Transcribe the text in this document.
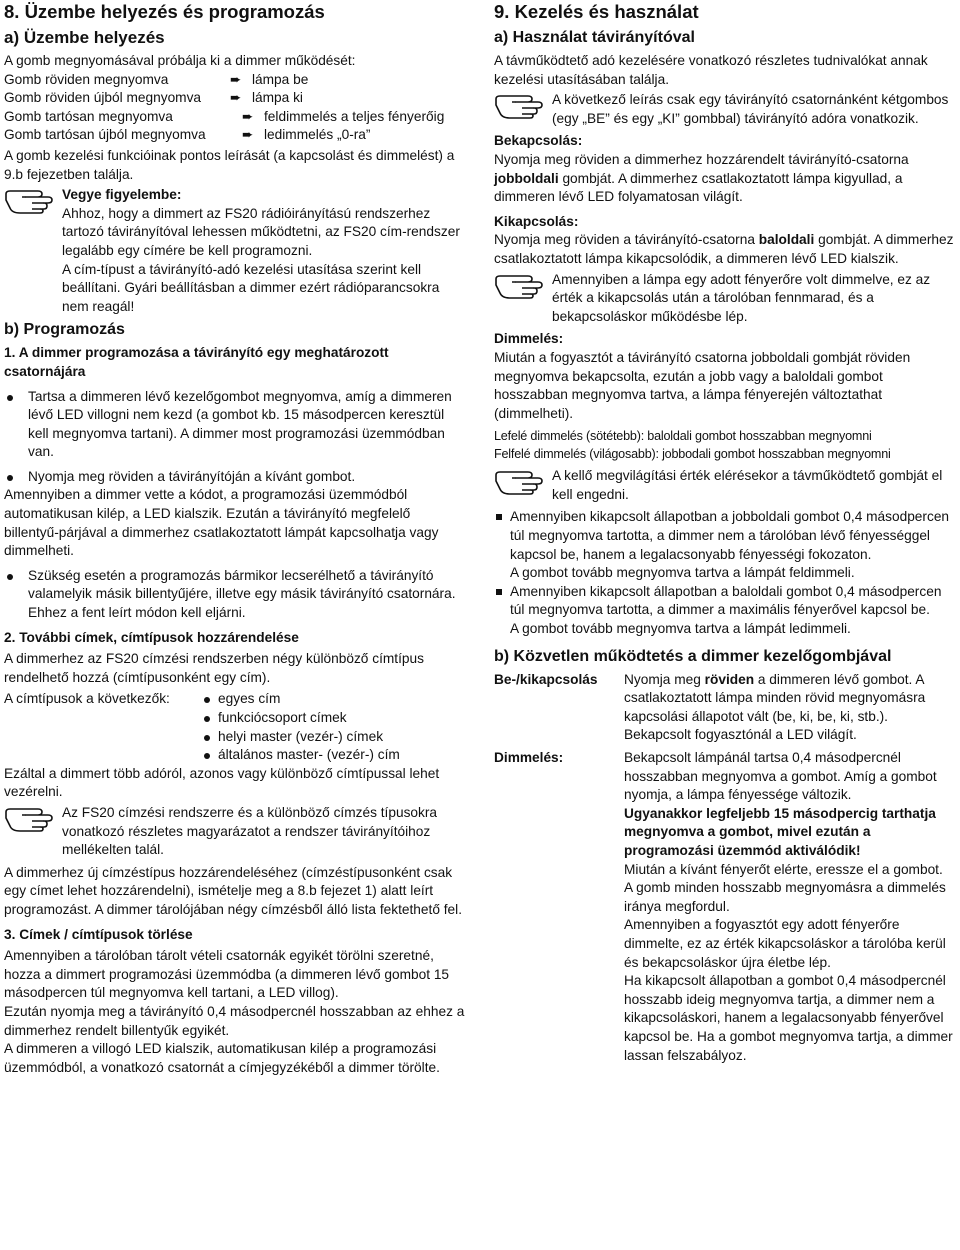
8. Üzembe helyezés és programozás
a) Üzembe helyezés

A gomb megnyomásával próbálja ki a dimmer működését:

Gomb röviden megnyomva	➨ lámpa be
Gomb röviden újból megnyomva	➨ lámpa ki
Gomb tartósan megnyomva	➨ feldimmelés a teljes fényerőig
Gomb tartósan újból megnyomva	➨ ledimmelés „0-ra”

A gomb kezelési funkcióinak pontos leírását (a kapcsolást és dimmelést) a 9.b fejezetben találja.

Vegye figyelembe:

Ahhoz, hogy a dimmert az FS20 rádióirányítású rendszerhez tartozó távirányítóval lehessen működtetni, az FS20 cím-rendszer legalább egy címére be kell programozni.

A cím-típust a távirányító-adó kezelési utasítása szerint kell beállítani. Gyári beállításban a dimmer ezért rádióparancsokra nem reagál!

b) Programozás

1. A dimmer programozása a távirányító egy meghatározott csatornájára

Tartsa a dimmeren lévő kezelőgombot megnyomva, amíg a dimmeren lévő LED villogni nem kezd (a gombot kb. 15 másodpercen keresztül kell megnyomva tartani). A dimmer most programozási üzemmódban van.

Nyomja meg röviden a távirányítóján a kívánt gombot.

Amennyiben a dimmer vette a kódot, a programozási üzemmódból automatikusan kilép, a LED kialszik. Ezután a távirányító megfelelő billentyű-párjával a dimmerhez csatlakoztatott lámpát kapcsolhatja vagy dimmelheti.

Szükség esetén a programozás bármikor lecserélhető a távirányító valamelyik másik billentyűjére, illetve egy másik távirányító csatornára. Ehhez a fent leírt módon kell eljárni.

2. További címek, címtípusok hozzárendelése

A dimmerhez az FS20 címzési rendszerben négy különböző címtípus rendelhető hozzá (címtípusonként egy cím).

A címtípusok a következők:	egyes cím
funkciócsoport címek
helyi master (vezér-) címek
általános master- (vezér-) cím

Ezáltal a dimmert több adóról, azonos vagy különböző címtípussal lehet vezérelni.

Az FS20 címzési rendszerre és a különböző címzés típusokra vonatkozó részletes magyarázatot a rendszer távirányítóihoz mellékelten talál.

A dimmerhez új címzéstípus hozzárendeléséhez (címzéstípusonként csak egy címet lehet hozzárendelni), ismételje meg a 8.b fejezet 1) alatt leírt programozást. A dimmer tárolójában négy címzésből álló lista fektethető fel.

3. Címek / címtípusok törlése

Amennyiben a tárolóban tárolt vételi csatornák egyikét törölni szeretné, hozza a dimmert programozási üzemmódba (a dimmeren lévő gombot 15 másodpercen túl megnyomva kell tartani, a LED villog).

Ezután nyomja meg a távirányító 0,4 másodpercnél hosszabban az ehhez a dimmerhez rendelt billentyűk egyikét.

A dimmeren a villogó LED kialszik, automatikusan kilép a programozási üzemmódból, a vonatkozó csatornát a címjegyzékéből a dimmer törölte.

9. Kezelés és használat
a) Használat távirányítóval

A távműködtető adó kezelésére vonatkozó részletes tudnivalókat annak kezelési utasításában találja.

A következő leírás csak egy távirányító csatornánként kétgombos (egy „BE” és egy „KI” gombbal) távirányító adóra vonatkozik.

Bekapcsolás:

Nyomja meg röviden a dimmerhez hozzárendelt távirányító-csatorna jobboldali gombját. A dimmerhez csatlakoztatott lámpa kigyullad, a dimmeren lévő LED folyamatosan világít.

Kikapcsolás:

Nyomja meg röviden a távirányító-csatorna baloldali gombját. A dimmerhez csatlakoztatott lámpa kikapcsolódik, a dimmeren lévő LED kialszik.

Amennyiben a lámpa egy adott fényerőre volt dimmelve, ez az érték a kikapcsolás után a tárolóban fennmarad, és a bekapcsoláskor működésbe lép.

Dimmelés:

Miután a fogyasztót a távirányító csatorna jobboldali gombját röviden megnyomva bekapcsolta, ezután a jobb vagy a baloldali gombot hosszabban megnyomva tartva, a lámpa fényerején változtathat (dimmelheti).

Lefelé dimmelés (sötétebb): baloldali gombot hosszabban megnyomni

Felfelé dimmelés (világosabb): jobbodali gombot hosszabban megnyomni

A kellő megvilágítási érték elérésekor a távműködtető gombját el kell engedni.

Amennyiben kikapcsolt állapotban a jobboldali gombot 0,4 másodpercen túl megnyomva tartotta, a dimmer nem a tárolóban lévő fényességgel kapcsol be, hanem a legalacsonyabb fényességi fokozaton.

A gombot tovább megnyomva tartva a lámpát feldimmeli.

Amennyiben kikapcsolt állapotban a baloldali gombot 0,4 másodpercen túl megnyomva tartotta, a dimmer a maximális fényerővel kapcsol be.

A gombot tovább megnyomva tartva a lámpát ledimmeli.

b) Közvetlen működtetés a dimmer kezelőgombjával
Be-/kikapcsolás	Nyomja meg röviden a dimmeren lévő gombot. A csatlakoztatott lámpa minden rövid megnyomásra kapcsolási állapotot vált (be, ki, be, ki, stb.). Bekapcsolt fogyasztónál a LED világít.

Dimmelés:	Bekapcsolt lámpánál tartsa 0,4 másodpercnél hosszabban megnyomva a gombot. Amíg a gombot nyomja, a lámpa fényessége változik.

Ugyanakkor legfeljebb 15 másodpercig tarthatja megnyomva a gombot, mivel ezután a programozási üzemmód aktiválódik!

Miután a kívánt fényerőt elérte, eressze el a gombot.

A gomb minden hosszabb megnyomásra a dimmelés iránya megfordul.

Amennyiben a fogyasztót egy adott fényerőre dimmelte, ez az érték kikapcsoláskor a tárolóba kerül és bekapcsoláskor újra életbe lép.

Ha kikapcsolt állapotban a gombot 0,4 másodpercnél hosszabb ideig megnyomva tartja, a dimmer nem a kikapcsoláskori, hanem a legalacsonyabb fényerővel kapcsol be. Ha a gombot megnyomva tartja, a dimmer lassan felszabályoz.
